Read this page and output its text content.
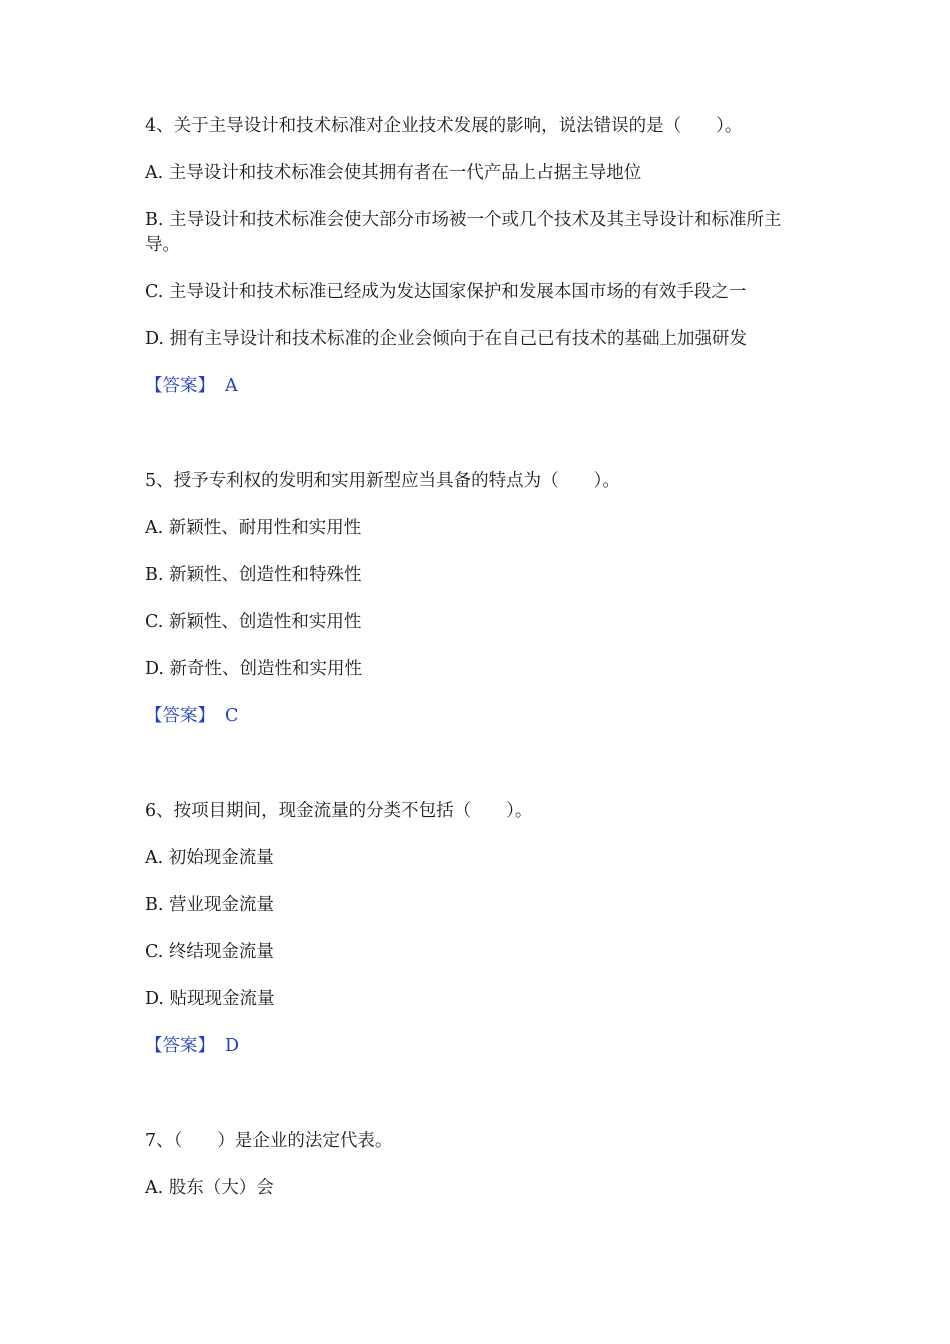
4、关于主导设计和技术标准对企业技术发展的影响，说法错误的是（　　）。
A. 主导设计和技术标准会使其拥有者在一代产品上占据主导地位
B. 主导设计和技术标准会使大部分市场被一个或几个技术及其主导设计和标准所主导。
C. 主导设计和技术标准已经成为发达国家保护和发展本国市场的有效手段之一
D. 拥有主导设计和技术标准的企业会倾向于在自己已有技术的基础上加强研发
【答案】 A
5、授予专利权的发明和实用新型应当具备的特点为（　　）。
A. 新颖性、耐用性和实用性
B. 新颖性、创造性和特殊性
C. 新颖性、创造性和实用性
D. 新奇性、创造性和实用性
【答案】 C
6、按项目期间，现金流量的分类不包括（　　）。
A. 初始现金流量
B. 营业现金流量
C. 终结现金流量
D. 贴现现金流量
【答案】 D
7、（　　）是企业的法定代表。
A. 股东（大）会
